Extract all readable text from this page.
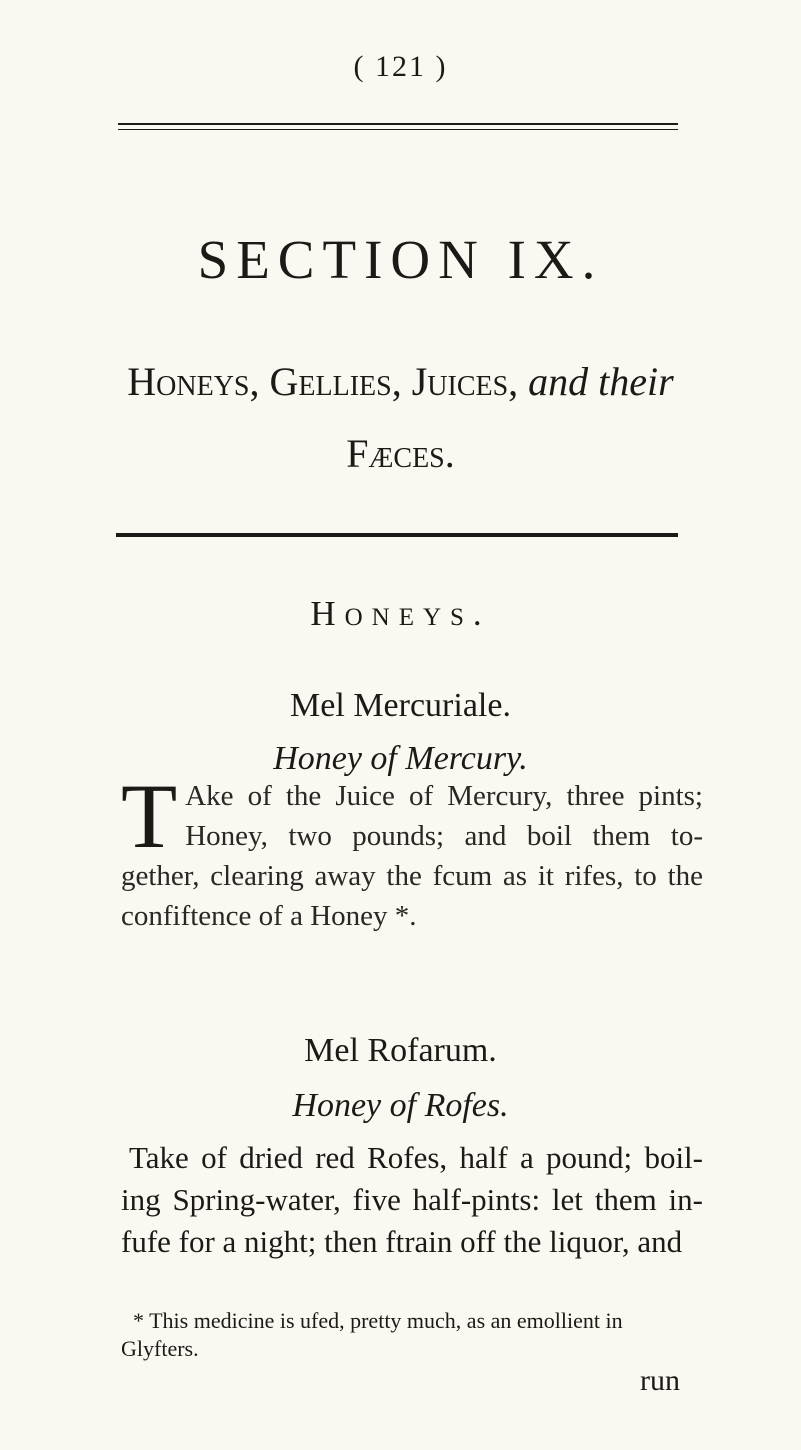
( 121 )
SECTION IX.
Honeys, Gellies, Juices, and their
Fæces.
Honeys.
Mel Mercuriale.
Honey of Mercury.
T Ake of the Juice of Mercury, three pints; Honey, two pounds; and boil them to- gether, clearing away the fcum as it rifes, to the confiftence of a Honey *.
Mel Rofarum.
Honey of Rofes.
Take of dried red Rofes, half a pound; boil- ing Spring-water, five half-pints: let them in- fufe for a night; then ftrain off the liquor, and
* This medicine is ufed, pretty much, as an emollient in Glyfters.
run
